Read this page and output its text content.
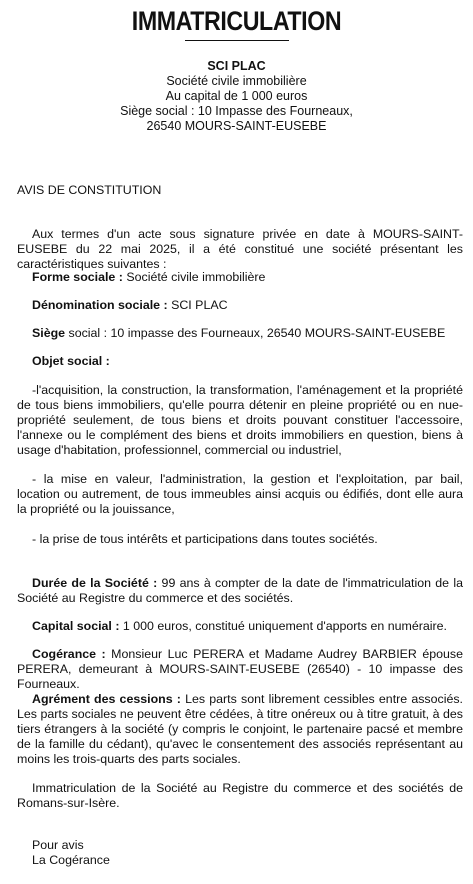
IMMATRICULATION
SCI PLAC
Société civile immobilière
Au capital de 1 000 euros
Siège social : 10 Impasse des Fourneaux,
26540 MOURS-SAINT-EUSEBE
AVIS DE CONSTITUTION

Aux termes d'un acte sous signature privée en date à MOURS-SAINT-EUSEBE du 22 mai 2025, il a été constitué une société présentant les caractéristiques suivantes :

Forme sociale : Société civile immobilière

Dénomination sociale : SCI PLAC

Siège social : 10 impasse des Fourneaux, 26540 MOURS-SAINT-EUSEBE

Objet social :

-l'acquisition, la construction, la transformation, l'aménagement et la propriété de tous biens immobiliers, qu'elle pourra détenir en pleine propriété ou en nue-propriété seulement, de tous biens et droits pouvant constituer l'accessoire, l'annexe ou le complément des biens et droits immobiliers en question, biens à usage d'habitation, professionnel, commercial ou industriel,

- la mise en valeur, l'administration, la gestion et l'exploitation, par bail, location ou autrement, de tous immeubles ainsi acquis ou édifiés, dont elle aura la propriété ou la jouissance,

- la prise de tous intérêts et participations dans toutes sociétés.

Durée de la Société : 99 ans à compter de la date de l'immatriculation de la Société au Registre du commerce et des sociétés.

Capital social : 1 000 euros, constitué uniquement d'apports en numéraire.

Cogérance : Monsieur Luc PERERA et Madame Audrey BARBIER épouse PERERA, demeurant à MOURS-SAINT-EUSEBE (26540) - 10 impasse des Fourneaux.

Agrément des cessions : Les parts sont librement cessibles entre associés. Les parts sociales ne peuvent être cédées, à titre onéreux ou à titre gratuit, à des tiers étrangers à la société (y compris le conjoint, le partenaire pacsé et membre de la famille du cédant), qu'avec le consentement des associés représentant au moins les trois-quarts des parts sociales.

Immatriculation de la Société au Registre du commerce et des sociétés de Romans-sur-Isère.

Pour avis
La Cogérance
